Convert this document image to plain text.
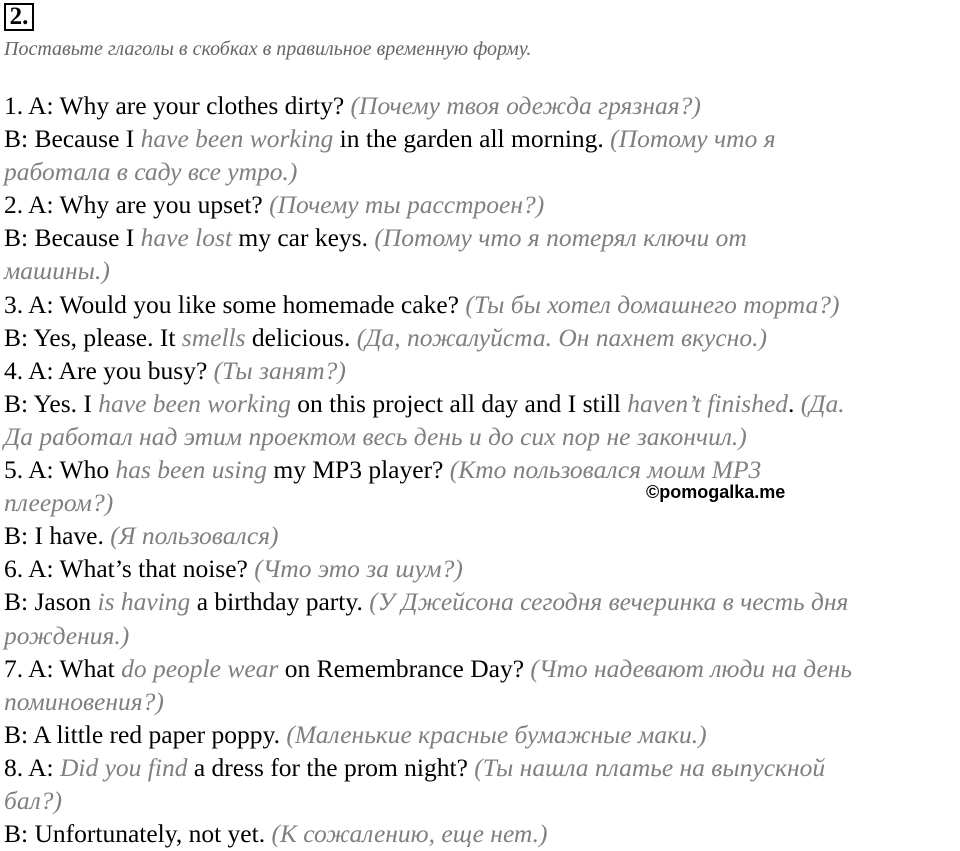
2.
Поставьте глаголы в скобках в правильное временную форму.
1. A: Why are your clothes dirty? (Почему твоя одежда грязная?)
B: Because I have been working in the garden all morning. (Потому что я
работала в саду все утро.)
2. A: Why are you upset? (Почему ты расстроен?)
B: Because I have lost my car keys. (Потому что я потерял ключи от
машины.)
3. A: Would you like some homemade cake? (Ты бы хотел домашнего торта?)
B: Yes, please. It smells delicious. (Да, пожалуйста. Он пахнет вкусно.)
4. A: Are you busy? (Ты занят?)
B: Yes. I have been working on this project all day and I still haven’t finished. (Да.
Да работал над этим проектом весь день и до сих пор не закончил.)
5. A: Who has been using my MP3 player? (Кто пользовался моим MP3
плеером?)
B: I have. (Я пользовался)
6. A: What’s that noise? (Что это за шум?)
B: Jason is having a birthday party. (У Джейсона сегодня вечеринка в честь дня
рождения.)
7. A: What do people wear on Remembrance Day? (Что надевают люди на день
поминовения?)
B: A little red paper poppy. (Маленькие красные бумажные маки.)
8. A: Did you find a dress for the prom night? (Ты нашла платье на выпускной
бал?)
B: Unfortunately, not yet. (К сожалению, еще нет.)
©pomogalka.me
